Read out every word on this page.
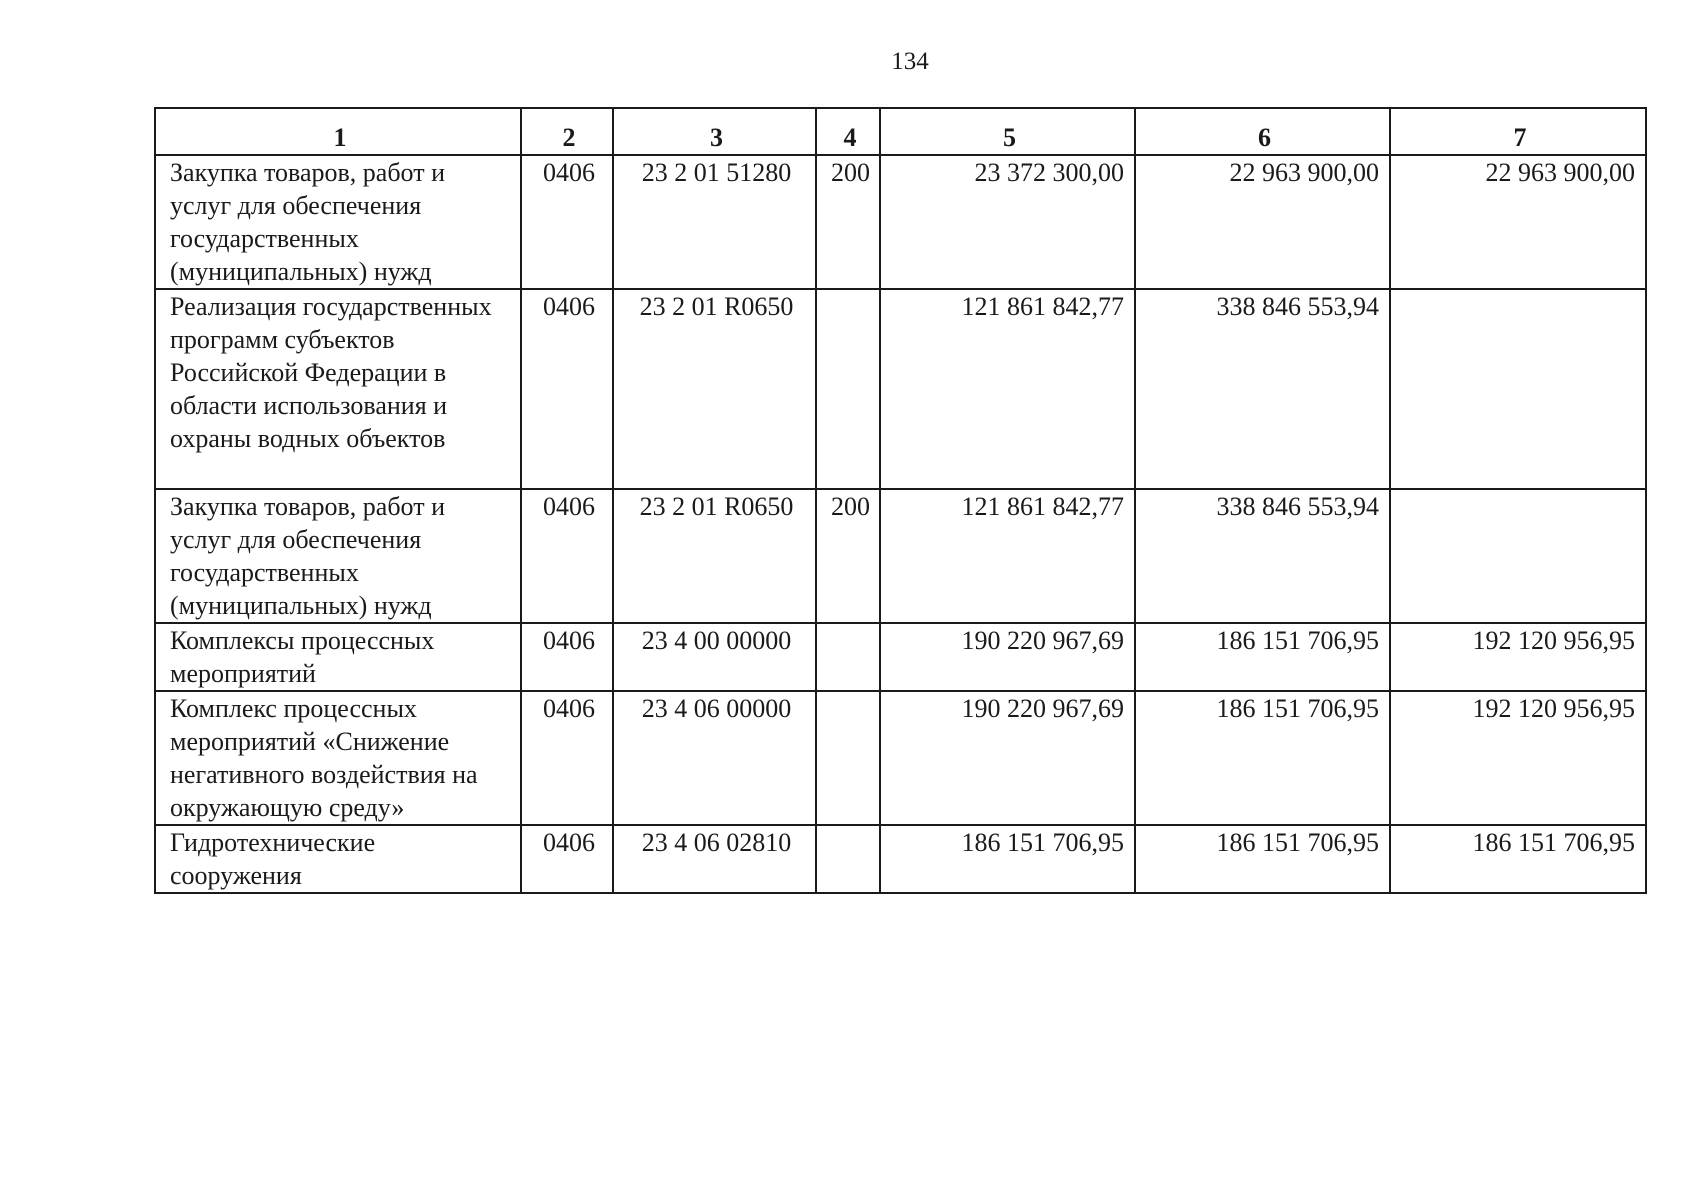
134
1	2	3	4	5	6	7
Закупка товаров, работ и услуг для обеспечения государственных (муниципальных) нужд	0406	23 2 01 51280	200	23 372 300,00	22 963 900,00	22 963 900,00
Реализация государственных программ субъектов Российской Федерации в области использования и охраны водных объектов	0406	23 2 01 R0650		121 861 842,77	338 846 553,94	
Закупка товаров, работ и услуг для обеспечения государственных (муниципальных) нужд	0406	23 2 01 R0650	200	121 861 842,77	338 846 553,94	
Комплексы процессных мероприятий	0406	23 4 00 00000		190 220 967,69	186 151 706,95	192 120 956,95
Комплекс процессных мероприятий «Снижение негативного воздействия на окружающую среду»	0406	23 4 06 00000		190 220 967,69	186 151 706,95	192 120 956,95
Гидротехнические сооружения	0406	23 4 06 02810		186 151 706,95	186 151 706,95	186 151 706,95
